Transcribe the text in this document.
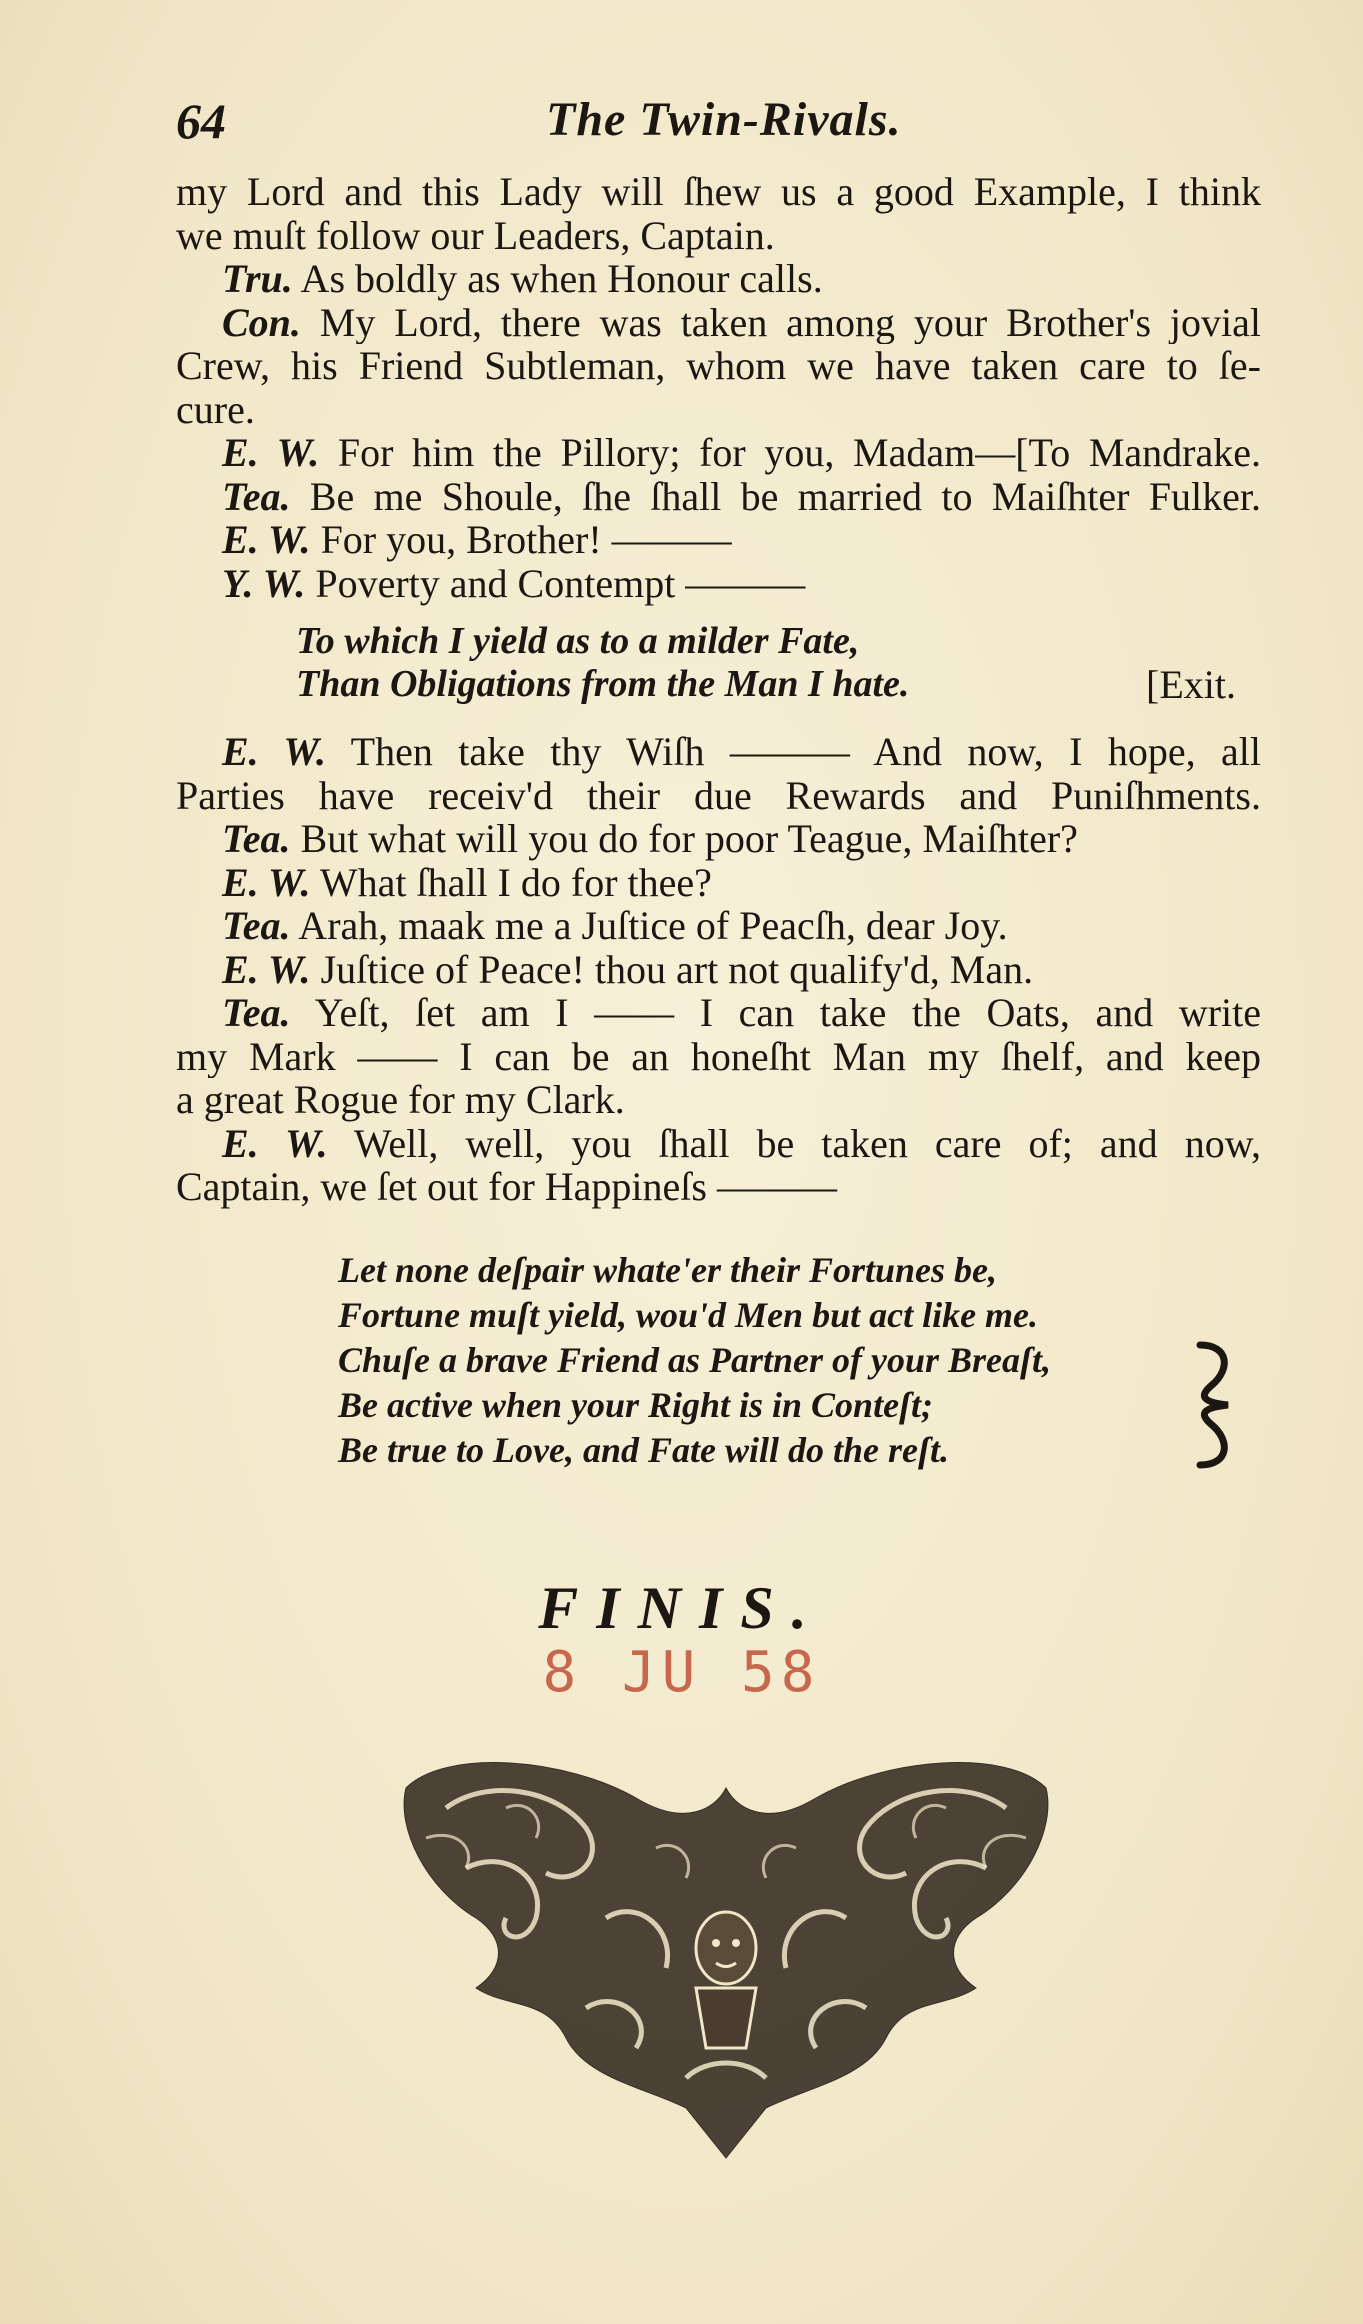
64	The Twin-Rivals.
my Lord and this Lady will ſhew us a good Example, I think
we muſt follow our Leaders, Captain.
Tru. As boldly as when Honour calls.
Con. My Lord, there was taken among your Brother's jovial
Crew, his Friend Subtleman, whom we have taken care to ſe-
cure.
E. W. For him the Pillory; for you, Madam—[To Mandrake.
Tea. Be me Shoule, ſhe ſhall be married to Maiſhter Fulker.
E. W. For you, Brother! ———
Y. W. Poverty and Contempt ———
To which I yield as to a milder Fate,
Than Obligations from the Man I hate.	[Exit.
E. W. Then take thy Wiſh ——— And now, I hope, all
Parties have receiv'd their due Rewards and Puniſhments.
Tea. But what will you do for poor Teague, Maiſhter?
E. W. What ſhall I do for thee?
Tea. Arah, maak me a Juſtice of Peacſh, dear Joy.
E. W. Juſtice of Peace! thou art not qualify'd, Man.
Tea. Yeſt, ſet am I —— I can take the Oats, and write
my Mark —— I can be an honeſht Man my ſhelf, and keep
a great Rogue for my Clark.
E. W. Well, well, you ſhall be taken care of; and now,
Captain, we ſet out for Happineſs ———
Let none deſpair whate'er their Fortunes be,
Fortune muſt yield, wou'd Men but act like me.
Chuſe a brave Friend as Partner of your Breaſt,
Be active when your Right is in Conteſt;
Be true to Love, and Fate will do the reſt.
FINIS.
8 JU 58
